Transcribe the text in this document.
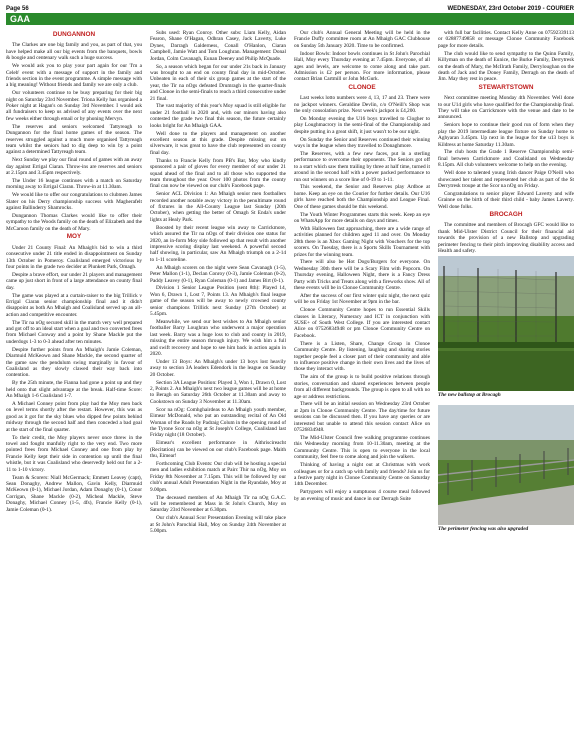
Page 56	WEDNESDAY, 23rd October 2019 - COURIER
GAA
DUNGANNON

The Clarkes are one big family and you, as part of that, you have helped make all our big events from the banquets, bowls & boogie and centenary walk such a huge success.

We would ask you to play your part again for our 'I'm a Celeb' event with a message of support in the family and friends section in the event programme. A simple message with a big meaning! Without friends and family we are only a club.

Our volunteers continue to be busy preparing for their big night on Saturday 23rd November. Triona Kelly has organised a Poker night at Hagan's on Sunday 3rd November. I would ask all fundraisers to keep us advised of any events over the next few weeks either through email or by phoning Mervyn.

The reserves and seniors welcomed Tattyreagh to Dungannon for the final home games of the season. The reserves struggled against a much more organised Tattyreagh team whilst the seniors had to dig deep to win by a point against a determined Tattyreagh team.

Next Sunday we play our final round of games with an away day against Errigal Ciaran. Throw-ins are reserves and seniors at 2.15pm and 3.45pm respectively.

The Under 16 league continues with a match on Saturday morning away to Errigal Ciaran. Throw-in at 11.30am.

We would like to offer our congratulations to clubmen James Slater on his Derry championship success with Magherafelt against Ballinderry Shamrocks.

Dungannon Thomas Clarkes would like to offer their sympathy to the Woods family on the death of Elizabeth and the McCaroon family on the death of Mary.

MOY

Under 21 County Final: An Mhaigh's bid to win a third consecutive under 21 title ended in disappointment on Sunday 13th October in Pomeroy. Coalisland emerged victorious by four points in the grade two decider at Plunkett Park, Omagh.

Despite a brave effort, our under 21 players and management came up just short in front of a large attendance on county final day.

The game was played at a curtain-raiser to the big Trillick v Errigal Ciaran senior championship final and it didn't disappoint as both An Mhaigh and Coalisland served up an all-action and competitive encounter.

The Tir na nOg secured skill in the match very well prepared and got off to an ideal start when a goal and two converted frees from Michael Conway and a point by Shane Mackle put the underdogs 1-3 to 0-3 ahead after ten minutes.

Despite further points from An Mhaigh's Jamie Coleman, Diarmuid McKeown and Shane Mackle, the second quarter of the game saw the pendulum swing marginally in favour of Coalisland as they slowly clawed their way back into contention.

By the 25th minute, the Fianna had gone a point up and they held onto that slight advantage at the break. Half-time Score: An Mhaigh 1-6 Coalisland 1-7.

A Michael Conney point from play had the Moy men back on level terms shortly after the restart. However, this was as good as it got for the sky blues who dipped few points behind midway through the second half and then conceded a bad goal at the start of the final quarter.

To their credit, the Moy players never once threw in the towel and fought manfully right to the very end. Two more pointed frees from Michael Conney and one from play by Francie Kelly kept their side in contention up until the final whistle, but it was Coalisland who deservedly held out for a 2-11 to 1-10 victory.

Team & Scorers: Niall McGermack; Emmett Leavey (capt), Sean Donaghy, Andrew Mallon, Gavin Kelly, Diarmuid McKeown (0-1), Michael Jordan, Adam Donaghy (0-1), Conor Corrigan, Shane Mackle (0-2), Micheal Mackle, Steve Donaghy, Michael Conney (1-5, 4fs), Francie Kelly (0-1), Jamie Coleman (0-1).

Subs used: Ryan Conroy. Other subs: Liam Kelly, Aidan Fearon, Shane O'Hagan, Odhran Casey, Jack Laverty, Luke Dynes, Darragh Galderness, Conall O'Hanlon, Ciaran Campbell, Jamie Watt and Tom Loughran. Management: Donal Jordan, Colm Cavanagh, Eunan Deeney and Philip McQuade.

So, a season which began for our under 21s back in January was brought to an end on county final day in mid-October. Unbeaten in each of their six group games at the start of the year, the Tir na nOgs defeated Drumragh in the quarter-finals and Clonoe in the semi-finals to reach a third consecutive under 21 final.

The vast majority of this year's Moy squad is still eligible for under 21 football in 2020 and, with our minors having also contested the grade two final this season, the future certainly looks bright for An Mhaigh GAA.

Well done to the players and management on another excellent season at this grade. Despite missing out on silverware, it was great to have the club represented on county final day.

Thanks to Francie Kelly from PB's Bar, Moy who kindly sponsored a pair of gloves for every member of our under 21 squad ahead of the final and to all those who supported the team throughout the year. Over 100 photos from the county final can now be viewed on our club's Facebook page.

Senior ACL Division 1: An Mhaigh senior men footballers recorded another notable away victory in the penultimate round of fixtures in the All-County League last Sunday (20th October), when getting the better of Omagh St Enda's under lights at Healy Park.

Boosted by their recent league win away to Carrickmore, which assured the Tir na nOgs of their division one status for 2020, an in-form Moy side followed up that result with another impressive scoring display last weekend. A powerful second half showing, in particular, saw An Mhaigh triumph on a 2-14 to 1-11 scoreline.

An Mhaigh scorers on the night were Sean Cavanagh (1-5), Peter Mallon (1-1), Declan Conroy (0-3), Jamie Coleman (0-2), Paddy Leavey (0-1), Ryan Coleman (0-1) and James Birt (0-1).

Division 1 Senior League Position (sent 8th): Played 14, Won 6, Drawn 1, Lost 7, Points 13. An Mhaigh's final league game of the season will be away to newly crowned county senior champions Trillick next Sunday (27th October) at 5.45pm.

Meanwhile, we send our best wishes to An Mhaigh senior footballer Barry Loughran who underwent a major operation last week. Barry was a huge loss to club and county in 2019, missing the entire season through injury. We wish him a full and swift recovery and hope to see him back in action again in 2020.

Under 13 Boys: An Mhaigh's under 13 boys lost heavily away to section 3A leaders Edendork in the league on Sunday 20 October.

Section 3A League Position: Played 3, Won 1, Drawn 0, Lost 2, Points 2. An Mhaigh's next two league games will be at home to Beragh on Saturday 26th October at 11.30am and away to Cookstown on Sunday 3 November at 11.30am.

Scor na nOg: Comhghairdeas to An Mhaigh youth member, Eimear McDonald, who put an outstanding recital of An Old Woman of the Roads by Padraig Colum in the opening round of the Tyrone Scor na nOg at St Joseph's College, Coalisland last Friday night (18 October).

Eimear's excellent performance in Aithriscireacht (Recitation) can be viewed on our club's Facebook page. Maith thu, Eimear!

Forthcoming Club Events: Our club will be hosting a special men and ladies exhibition match at Pairc Thir na nOg, Moy on Friday 8th November at 7.15pm. This will be followed by our club's annual Adult Presentation Night in the Ryandale, Moy at 9.00pm.

The deceased members of An Mhaigh Tir na nOg G.A.C. will be remembered at Mass in St John's Church, Moy on Saturday 23rd November at 6.30pm.

Our club's Annual Scor Presentation Evening will take place at St John's Parochial Hall, Moy on Sunday 24th November at 5.00pm.

Our club's Annual General Meeting will be held in the Francie Duffy committee room at An Mhaigh GAC Clubhouse on Sunday 5th January 2020. Time to be confirmed.

Indoor Bowls: Indoor bowls continues in St John's Parochial Hall, Moy every Thursday evening at 7.45pm. Everyone, of all ages and levels, are welcome to come along and take part. Admission is £2 per person. For more information, please contact Brian Cartmill or John McGurk.

CLONOE

Last weeks lotto numbers were 4, 13, 17 and 23. There were no jackpot winners. Geraldine Devlin, c/o O'Neill's Shop was the only consolation prize. Next week's jackpot is £4,200.

On Monday evening the U16 boys travelled to Clogher to play Loughmacrory in the semi-final of the Championship and despite putting in a great shift, it just wasn't to be our night.

On Sunday the Senior and Reserves continued their winning ways in the league when they travelled to Donaghmore.

The Reserves, with a few new faces, put in a sterling performance to overcome their opponents. The Seniors got off to a start which saw them trailing by three at half time, turned it around in the second half with a power packed performance to run out winners on a score line of 0-19 to 1-11.

This weekend, the Senior and Reserves play Ardboe at home. Keep an eye on the Courier for further details. Our U16 girls have reached both the Championship and League Final. One of these games should be this weekend.

The Youth Winter Programmes starts this week. Keep an eye on WhatsApp for more details on days and times.

With Halloween fast approaching, there are a wide range of activities planned for children aged 11 and over. On Monday 28th there is an Xbox Gaming Night with Vouchers for the top scorers. On Tuesday, there is a Sports Skills Tournament with prizes for the winning team.

There will also be Hot Dogs/Burgers for everyone. On Wednesday 30th there will be a Scary Film with Popcorn. On Thursday evening, Halloween Night, there is a Fancy Dress Party with Tricks and Treats along with a fireworks show. All of these events will be in Clonoe Community Centre.

After the success of our first winter quiz night, the next quiz will be on Friday 1st November at 9pm in the bar.

Clonoe Community Centre hopes to run Essential Skills classes in Literacy, Numeracy and ICT in conjunction with SUSE+ of South West College. If you are interested contact Alice on 07526834948 or pm Clonoe Community Centre on Facebook.

There is a Listen, Share, Change Group in Clonoe Community Centre. By listening, laughing and sharing stories together people feel a closer part of their community and able to influence positive change in their own lives and the lives of those they interact with.

The aim of the group is to build positive relations through stories, conversation and shared experiences between people from all different backgrounds. The group is open to all with no age or address restrictions.

There will be an initial session on Wednesday 23rd October at 2pm in Clonoe Community Centre. The day/time for future sessions can be discussed then. If you have any queries or are interested but unable to attend this session contact Alice on 07526834948.

The Mid-Ulster Council free walking programme continues this Wednesday morning from 10-11.30am, meeting at the Community Centre. This is open to everyone in the local community, feel free to come along and join the walkers.

Thinking of having a night out at Christmas with work colleagues or for a catch up with family and friends? Join us for a festive party night in Clonoe Community Centre on Saturday 14th December.

Partygoers will enjoy a sumptuous 4 course meal followed by an evening of music and dance in our Derragh Suite

with full bar facilities. Contact Kelly Anne on 07592339113 or 02887749858 or message Clonoe Community Facebook page for more details.

The club would like to send sympathy to the Quinn Family, Killyman on the death of Eunice, the Burke Family, Derrytresk on the death of Mary, the McIlrath Family, Derryloughan on the death of Jack and the Doney Family, Derragh on the death of Jim. May they rest in peace.

STEWARTSTOWN

Next committee meeting Monday 4th November. Well done to our U14 girls who have qualified for the Championship final. They will take on Carrickmore with the venue and date to be announced.

Seniors hope to continue their good run of form when they play the 2019 intermediate league fixture on Sunday home to Aghyaran 3.45pm. Up next in the league for the u13 boys is Kildress at home Saturday 11.30am.

The club hosts the Grade 1 Reserve Championship semi-final between Carrickmore and Coalisland on Wednesday 8.15pm. All club volunteers welcome to help on the evening.

Well done to talented young Irish dancer Paige O'Neill who showcased her talent and represented her club as part of the St Derrytresk troupe at the Scor na nOg on Friday.

Congratulations to senior player Edward Laverty and wife Grainne on the birth of their third child - baby James Laverty. Well done folks.

BROCAGH

The committee and members of Brocagh GFC would like to thank Mid-Ulster District Council for their financial aid towards the provision of a new Ballstop and upgrading perimeter fencing to their pitch improving disability access and Health and safety.

The new ballstop at Brocagh
The perimeter fencing was also upgraded
